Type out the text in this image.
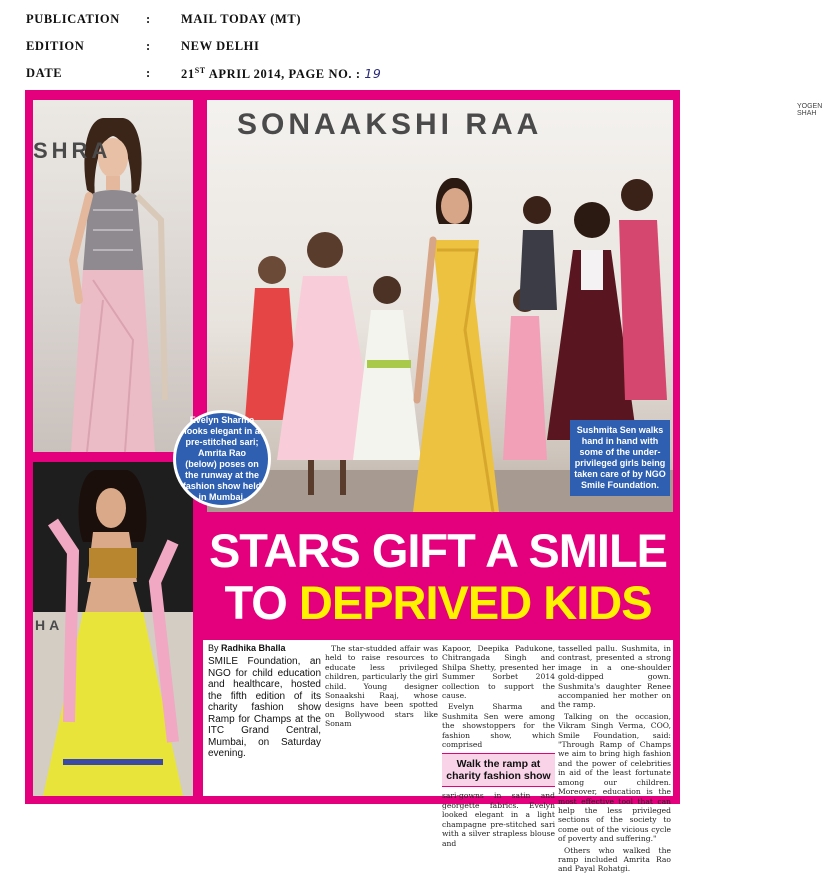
PUBLICATION : MAIL TODAY (MT)
EDITION	: NEW DELHI
DATE	: 21ST APRIL 2014, PAGE NO. : 19
SHRA
SONAAKSHI RAA
YOGEN SHAH
HA
Evelyn Sharma looks elegant in a pre-stitched sari; Amrita Rao (below) poses on the runway at the fashion show held in Mumbai.
Sushmita Sen walks hand in hand with some of the under-privileged girls being taken care of by NGO Smile Foundation.
STARS GIFT A SMILE
TO DEPRIVED KIDS
By Radhika Bhalla
SMILE Foundation, an NGO for child education and healthcare, hosted the fifth edition of its charity fashion show Ramp for Champs at the ITC Grand Central, Mumbai, on Saturday evening.

The star-studded affair was held to raise resources to educate less privileged children, particularly the girl child. Young designer Sonaakshi Raaj, whose designs have been spotted on Bollywood stars like Sonam

Kapoor, Deepika Padukone, Chitrangada Singh and Shilpa Shetty, presented her Summer Sorbet 2014 collection to support the cause.

Evelyn Sharma and Sushmita Sen were among the showstoppers for the fashion show, which comprised

Walk the ramp at charity fashion show

sari-gowns in satin and georgette fabrics. Evelyn looked elegant in a light champagne pre-stitched sari with a silver strapless blouse and

tasselled pallu. Sushmita, in contrast, presented a strong image in a one-shoulder gold-dipped gown. Sushmita's daughter Renee accompanied her mother on the ramp.

Talking on the occasion, Vikram Singh Verma, COO, Smile Foundation, said: "Through Ramp of Champs we aim to bring high fashion and the power of celebrities in aid of the least fortunate among our children. Moreover, education is the most effective tool that can help the less privileged sections of the society to come out of the vicious cycle of poverty and suffering."

Others who walked the ramp included Amrita Rao and Payal Rohatgi.
